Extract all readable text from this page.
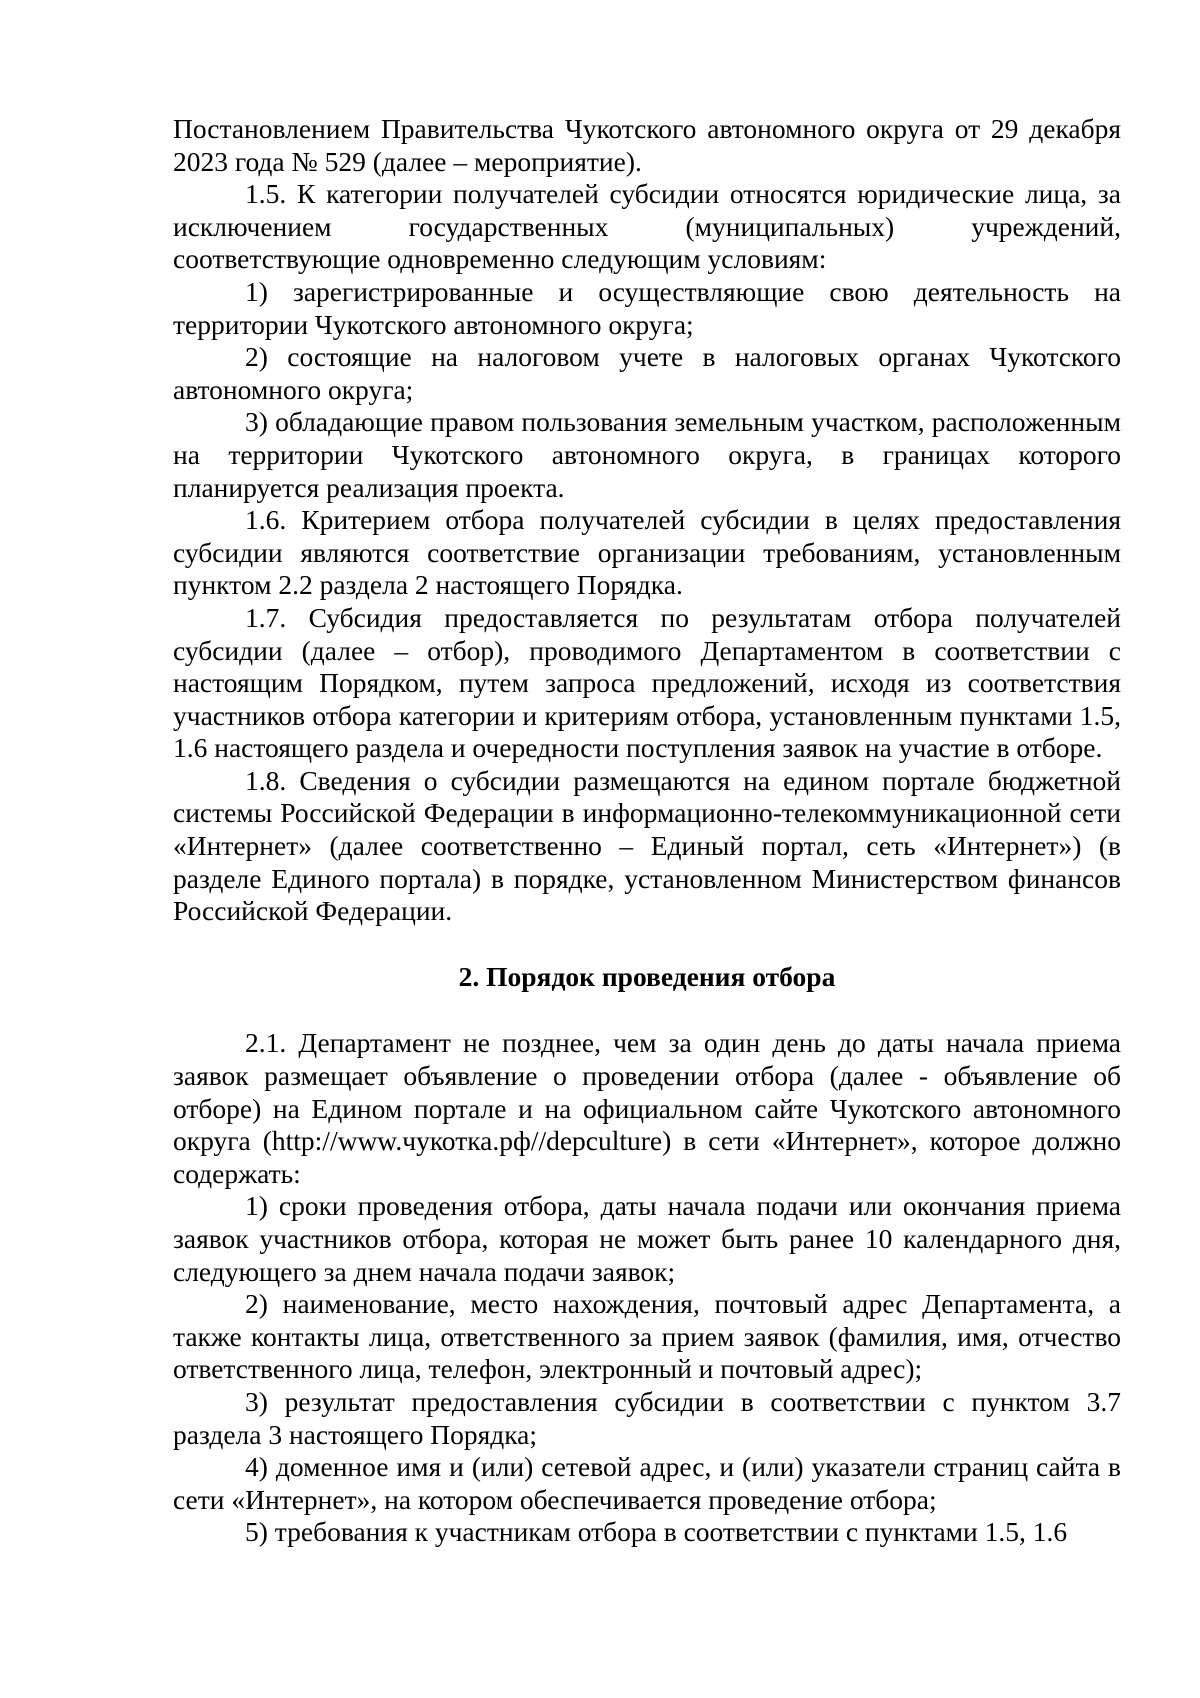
Постановлением Правительства Чукотского автономного округа от 29 декабря 2023 года № 529 (далее – мероприятие).

1.5. К категории получателей субсидии относятся юридические лица, за исключением государственных (муниципальных) учреждений, соответствующие одновременно следующим условиям:

1) зарегистрированные и осуществляющие свою деятельность на территории Чукотского автономного округа;

2) состоящие на налоговом учете в налоговых органах Чукотского автономного округа;

3) обладающие правом пользования земельным участком, расположенным на территории Чукотского автономного округа, в границах которого планируется реализация проекта.

1.6. Критерием отбора получателей субсидии в целях предоставления субсидии являются соответствие организации требованиям, установленным пунктом 2.2 раздела 2 настоящего Порядка.

1.7. Субсидия предоставляется по результатам отбора получателей субсидии (далее – отбор), проводимого Департаментом в соответствии с настоящим Порядком, путем запроса предложений, исходя из соответствия участников отбора категории и критериям отбора, установленным пунктами 1.5, 1.6 настоящего раздела и очередности поступления заявок на участие в отборе.

1.8. Сведения о субсидии размещаются на едином портале бюджетной системы Российской Федерации в информационно-телекоммуникационной сети «Интернет» (далее соответственно – Единый портал, сеть «Интернет») (в разделе Единого портала) в порядке, установленном Министерством финансов Российской Федерации.

2. Порядок проведения отбора

2.1. Департамент не позднее, чем за один день до даты начала приема заявок размещает объявление о проведении отбора (далее - объявление об отборе) на Едином портале и на официальном сайте Чукотского автономного округа (http://www.чукотка.рф//depculture) в сети «Интернет», которое должно содержать:

1) сроки проведения отбора, даты начала подачи или окончания приема заявок участников отбора, которая не может быть ранее 10 календарного дня, следующего за днем начала подачи заявок;

2) наименование, место нахождения, почтовый адрес Департамента, а также контакты лица, ответственного за прием заявок (фамилия, имя, отчество ответственного лица, телефон, электронный и почтовый адрес);

3) результат предоставления субсидии в соответствии с пунктом 3.7 раздела 3 настоящего Порядка;

4) доменное имя и (или) сетевой адрес, и (или) указатели страниц сайта в сети «Интернет», на котором обеспечивается проведение отбора;

5) требования к участникам отбора в соответствии с пунктами 1.5, 1.6
